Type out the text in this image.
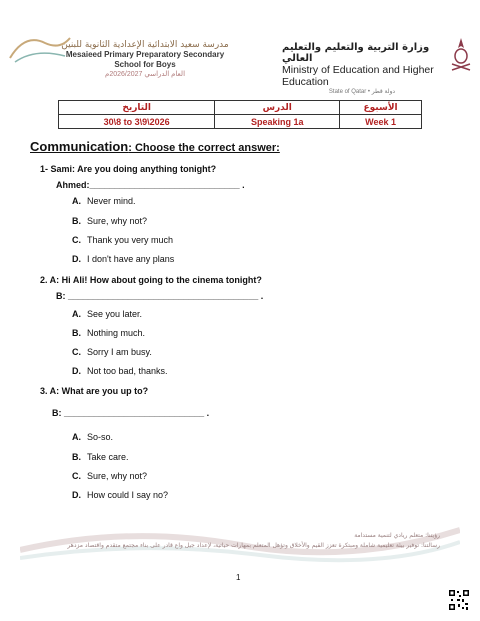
مدرسة سعيد الابتدائية الإعدادية الثانوية للبنين
Mesaieed Primary Preparatory Secondary
School for Boys
العام الدراسي 2026/2027م
وزارة التربية والتعليم والتعليم العالي
Ministry of Education and Higher Education
State of Qatar • دولة قطر
التاريخ	الدرس	الأسبوع
30\8 to 3\9\2026	Speaking 1a	Week 1
Communication: Choose the correct answer:
1- Sami: Are you doing anything tonight?
Ahmed:______________________________ .
A. Never mind.
B. Sure, why not?
C. Thank you very much
D. I don't have any plans
2. A: Hi Ali! How about going to the cinema tonight?
B: ______________________________________ .
A. See you later.
B. Nothing much.
C. Sorry I am busy.
D. Not too bad, thanks.
3. A: What are you up to?
B: ____________________________ .
A. So-so.
B. Take care.
C. Sure, why not?
D. How could I say no?
رؤيتنا: متعلم ريادي لتنمية مستدامة
رسالتنا: توفير بيئة تعليمية شاملة ومبتكرة تعزز القيم والأخلاق وتؤهل المتعلم بمهارات حياتية، لإعداد جيل واع قادر على بناء مجتمع متقدم واقتصاد مزدهر
1
